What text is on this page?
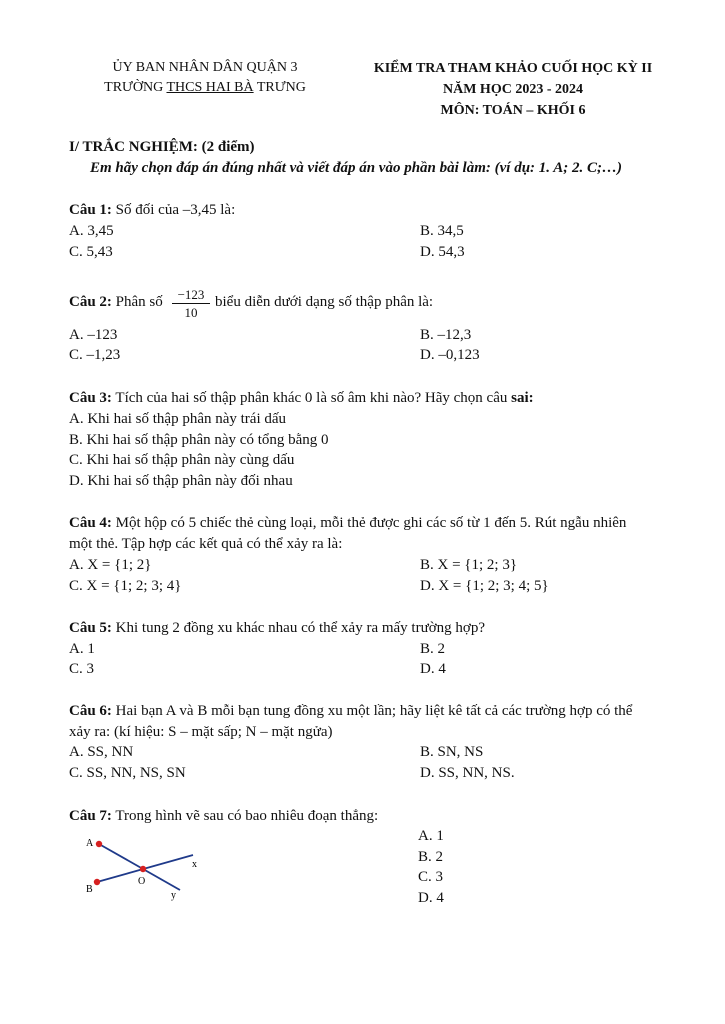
ỦY BAN NHÂN DÂN QUẬN 3
TRƯỜNG THCS HAI BÀ TRƯNG
KIỂM TRA THAM KHẢO CUỐI HỌC KỲ II
NĂM HỌC 2023 - 2024
MÔN: TOÁN – KHỐI 6
I/ TRẮC NGHIỆM: (2 điểm)
Em hãy chọn đáp án đúng nhất và viết đáp án vào phần bài làm: (ví dụ: 1. A; 2. C;…)
Câu 1: Số đối của –3,45 là:
A. 3,45	B. 34,5
C. 5,43	D. 54,3
Câu 2: Phân số $\frac{-123}{10}$ biểu diễn dưới dạng số thập phân là:
A. –123	B. –12,3
C. –1,23	D. –0,123
Câu 3: Tích của hai số thập phân khác 0 là số âm khi nào? Hãy chọn câu sai:
A. Khi hai số thập phân này trái dấu
B. Khi hai số thập phân này có tổng bằng 0
C. Khi hai số thập phân này cùng dấu
D. Khi hai số thập phân này đối nhau
Câu 4: Một hộp có 5 chiếc thẻ cùng loại, mỗi thẻ được ghi các số từ 1 đến 5. Rút ngẫu nhiên
một thẻ. Tập hợp các kết quả có thể xảy ra là:
A. X = {1; 2}	B. X = {1; 2; 3}
C. X = {1; 2; 3; 4}	D. X = {1; 2; 3; 4; 5}
Câu 5: Khi tung 2 đồng xu khác nhau có thể xảy ra mấy trường hợp?
A. 1	B. 2
C. 3	D. 4
Câu 6: Hai bạn A và B mỗi bạn tung đồng xu một lần; hãy liệt kê tất cả các trường hợp có thể
xảy ra: (kí hiệu: S – mặt sấp; N – mặt ngửa)
A. SS, NN	B. SN, NS
C. SS, NN, NS, SN	D. SS, NN, NS.
Câu 7: Trong hình vẽ sau có bao nhiêu đoạn thẳng:
A. 1
B. 2
C. 3
D. 4
A
B
O
x
y
